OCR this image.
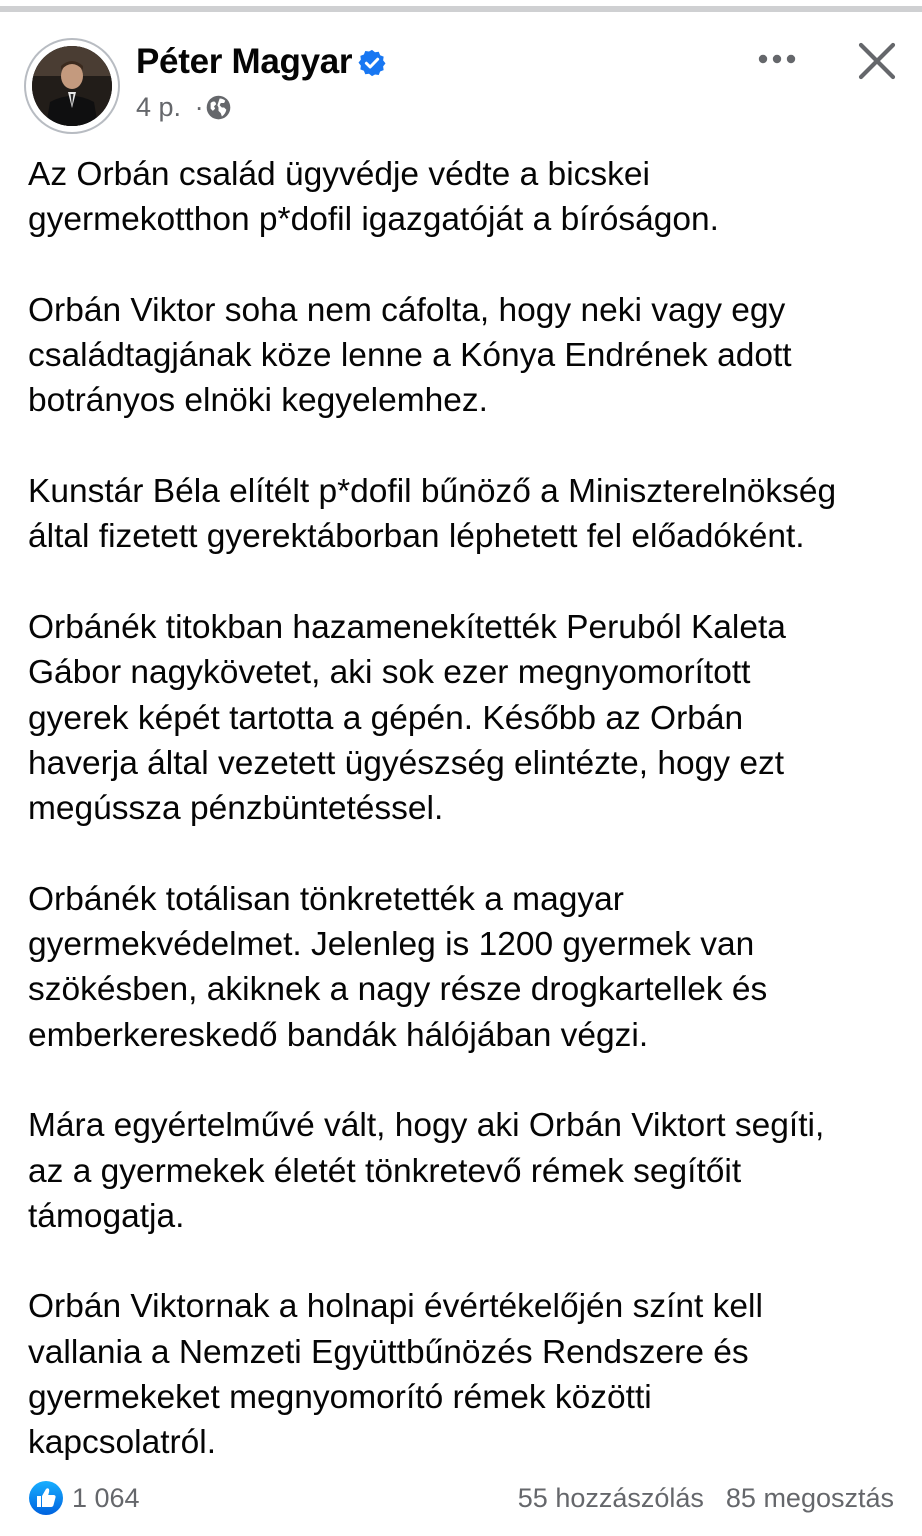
Péter Magyar
4 p. ·

Az Orbán család ügyvédje védte a bicskei
gyermekotthon p*dofil igazgatóját a bíróságon.

Orbán Viktor soha nem cáfolta, hogy neki vagy egy
családtagjának köze lenne a Kónya Endrének adott
botrányos elnöki kegyelemhez.

Kunstár Béla elítélt p*dofil bűnöző a Miniszterelnökség
által fizetett gyerektáborban léphetett fel előadóként.

Orbánék titokban hazamenekítették Peruból Kaleta
Gábor nagykövetet, aki sok ezer megnyomorított
gyerek képét tartotta a gépén. Később az Orbán
haverja által vezetett ügyészség elintézte, hogy ezt
megússza pénzbüntetéssel.

Orbánék totálisan tönkretették a magyar
gyermekvédelmet. Jelenleg is 1200 gyermek van
szökésben, akiknek a nagy része drogkartellek és
emberkereskedő bandák hálójában végzi.

Mára egyértelművé vált, hogy aki Orbán Viktort segíti,
az a gyermekek életét tönkretevő rémek segítőit
támogatja.

Orbán Viktornak a holnapi évértékelőjén színt kell
vallania a Nemzeti Együttbűnözés Rendszere és
gyermekeket megnyomorító rémek közötti
kapcsolatról.

1 064	55 hozzászólás 85 megosztás
